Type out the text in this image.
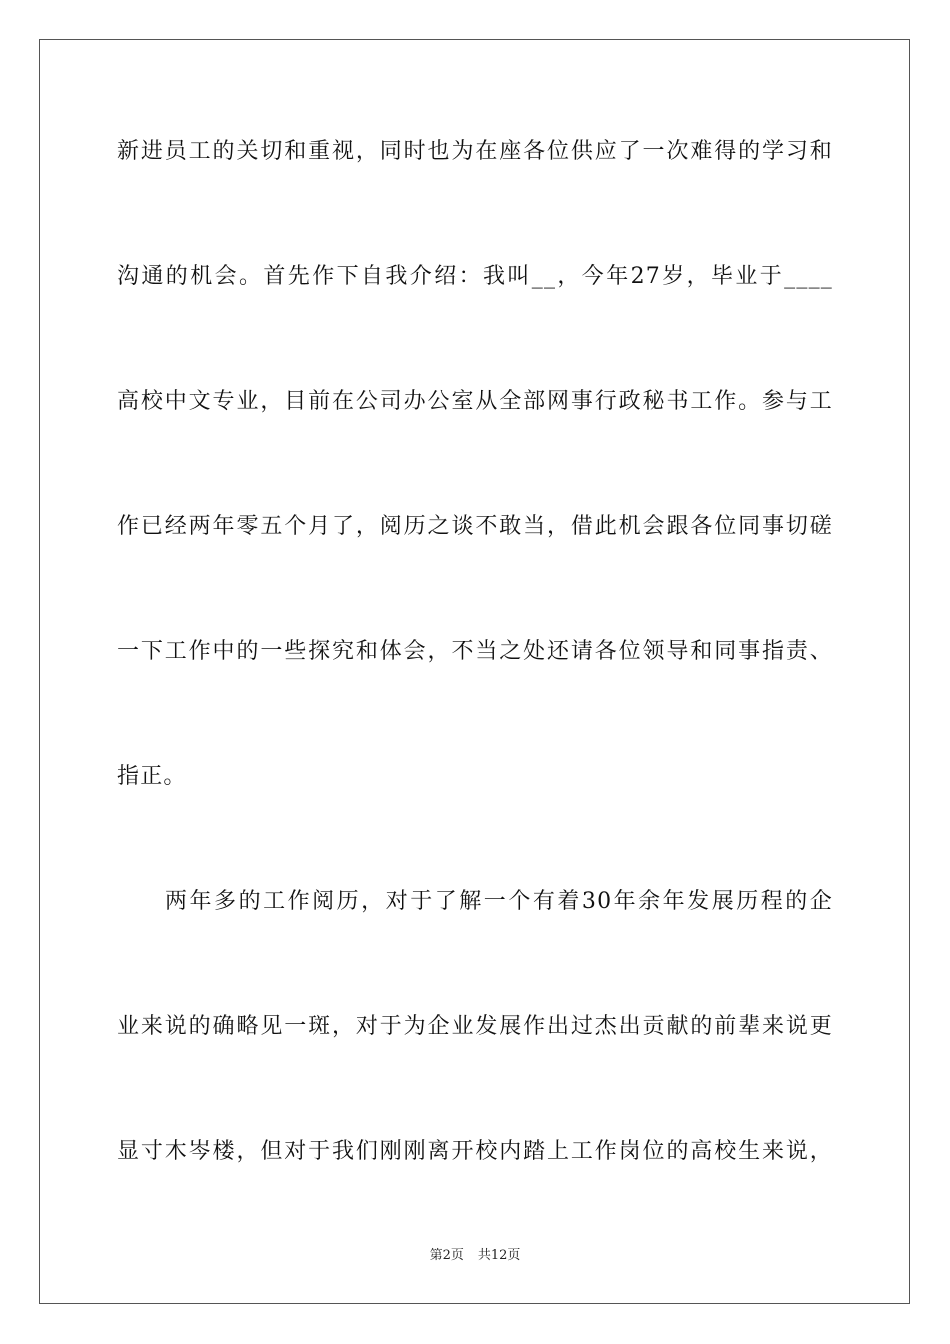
新进员工的关切和重视，同时也为在座各位供应了一次难得的学习和
沟通的机会。首先作下自我介绍：我叫__，今年27岁，毕业于____
高校中文专业，目前在公司办公室从全部网事行政秘书工作。参与工
作已经两年零五个月了，阅历之谈不敢当，借此机会跟各位同事切磋
一下工作中的一些探究和体会，不当之处还请各位领导和同事指责、
指正。
两年多的工作阅历，对于了解一个有着30年余年发展历程的企
业来说的确略见一斑，对于为企业发展作出过杰出贡献的前辈来说更
显寸木岑楼，但对于我们刚刚离开校内踏上工作岗位的高校生来说，
第2页 共12页
